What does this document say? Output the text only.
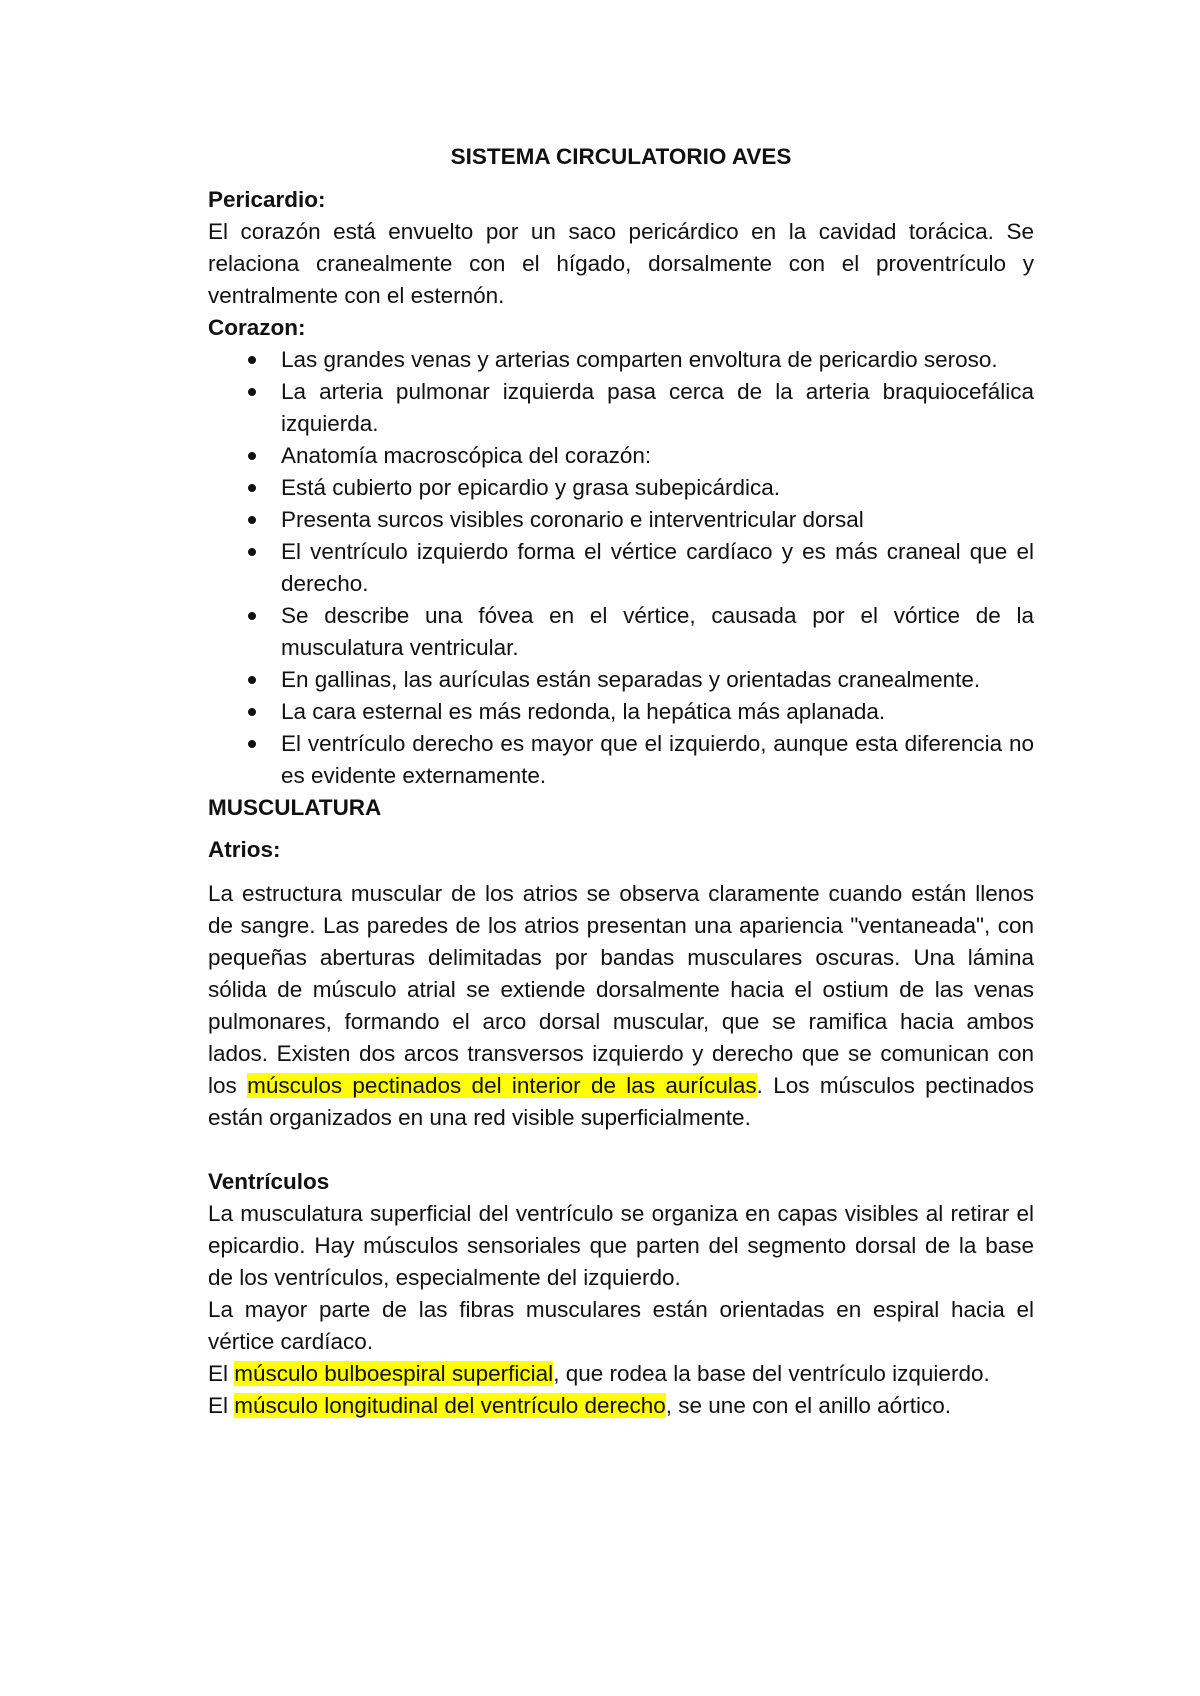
SISTEMA CIRCULATORIO AVES
Pericardio:
El corazón está envuelto por un saco pericárdico en la cavidad torácica. Se relaciona cranealmente con el hígado, dorsalmente con el proventrículo y ventralmente con el esternón.
Corazon:
Las grandes venas y arterias comparten envoltura de pericardio seroso.
La arteria pulmonar izquierda pasa cerca de la arteria braquiocefálica izquierda.
Anatomía macroscópica del corazón:
Está cubierto por epicardio y grasa subepicárdica.
Presenta surcos visibles coronario e interventricular dorsal
El ventrículo izquierdo forma el vértice cardíaco y es más craneal que el derecho.
Se describe una fóvea en el vértice, causada por el vórtice de la musculatura ventricular.
En gallinas, las aurículas están separadas y orientadas cranealmente.
La cara esternal es más redonda, la hepática más aplanada.
El ventrículo derecho es mayor que el izquierdo, aunque esta diferencia no es evidente externamente.
MUSCULATURA
Atrios:
La estructura muscular de los atrios se observa claramente cuando están llenos de sangre. Las paredes de los atrios presentan una apariencia "ventaneada", con pequeñas aberturas delimitadas por bandas musculares oscuras. Una lámina sólida de músculo atrial se extiende dorsalmente hacia el ostium de las venas pulmonares, formando el arco dorsal muscular, que se ramifica hacia ambos lados. Existen dos arcos transversos izquierdo y derecho que se comunican con los músculos pectinados del interior de las aurículas. Los músculos pectinados están organizados en una red visible superficialmente.
Ventrículos
La musculatura superficial del ventrículo se organiza en capas visibles al retirar el epicardio. Hay músculos sensoriales que parten del segmento dorsal de la base de los ventrículos, especialmente del izquierdo.
La mayor parte de las fibras musculares están orientadas en espiral hacia el vértice cardíaco.
El músculo bulboespiral superficial, que rodea la base del ventrículo izquierdo.
El músculo longitudinal del ventrículo derecho, se une con el anillo aórtico.
